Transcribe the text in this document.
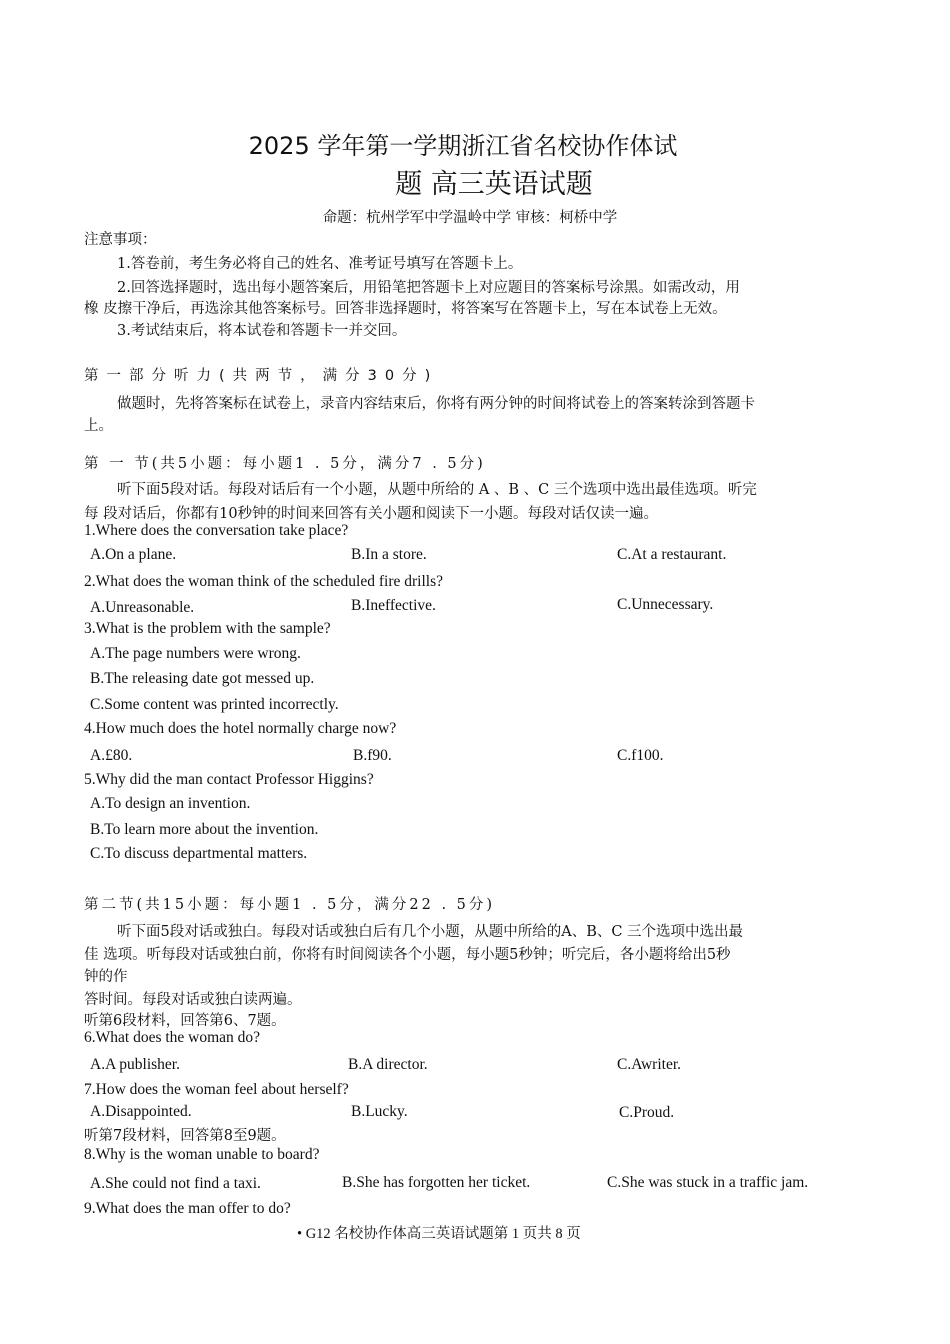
2025 学年第一学期浙江省名校协作体试
题 高三英语试题
命题：杭州学军中学温岭中学 审核：柯桥中学
注意事项：
1.答卷前，考生务必将自己的姓名、准考证号填写在答题卡上。
2.回答选择题时，选出每小题答案后，用铅笔把答题卡上对应题目的答案标号涂黑。如需改动，用
橡 皮擦干净后，再选涂其他答案标号。回答非选择题时，将答案写在答题卡上，写在本试卷上无效。
3.考试结束后，将本试卷和答题卡一并交回。
第一部分听力(共两节，满分30分)
做题时，先将答案标在试卷上，录音内容结束后，你将有两分钟的时间将试卷上的答案转涂到答题卡
上。
第 一 节(共5小题：每小题1 . 5分，满分7 . 5分)
听下面5段对话。每段对话后有一个小题，从题中所给的 A 、B 、C 三个选项中选出最佳选项。听完
每 段对话后，你都有10秒钟的时间来回答有关小题和阅读下一小题。每段对话仅读一遍。
1.Where does the conversation take place?
A.On a plane.	B.In a store.	C.At a restaurant.
2.What does the woman think of the scheduled fire drills?
A.Unreasonable.	B.Ineffective.	C.Unnecessary.
3.What is the problem with the sample?
A.The page numbers were wrong.
B.The releasing date got messed up.
C.Some content was printed incorrectly.
4.How much does the hotel normally charge now?
A.£80.	B.f90.	C.f100.
5.Why did the man contact Professor Higgins?
A.To design an invention.
B.To learn more about the invention.
C.To discuss departmental matters.
第二节(共15小题：每小题1 . 5分，满分22 . 5分)
听下面5段对话或独白。每段对话或独白后有几个小题，从题中所给的A、B、C 三个选项中选出最
佳 选项。听每段对话或独白前，你将有时间阅读各个小题，每小题5秒钟；听完后，各小题将给出5秒
钟的作
答时间。每段对话或独白读两遍。
听第6段材料，回答第6、7题。
6.What does the woman do?
A.A publisher.	B.A director.	C.Awriter.
7.How does the woman feel about herself?
A.Disappointed.	B.Lucky.	C.Proud.
听第7段材料，回答第8至9题。
8.Why is the woman unable to board?
A.She could not find a taxi.	B.She has forgotten her ticket.	C.She was stuck in a traffic jam.
9.What does the man offer to do?
• G12 名校协作体高三英语试题第 1 页共 8 页
